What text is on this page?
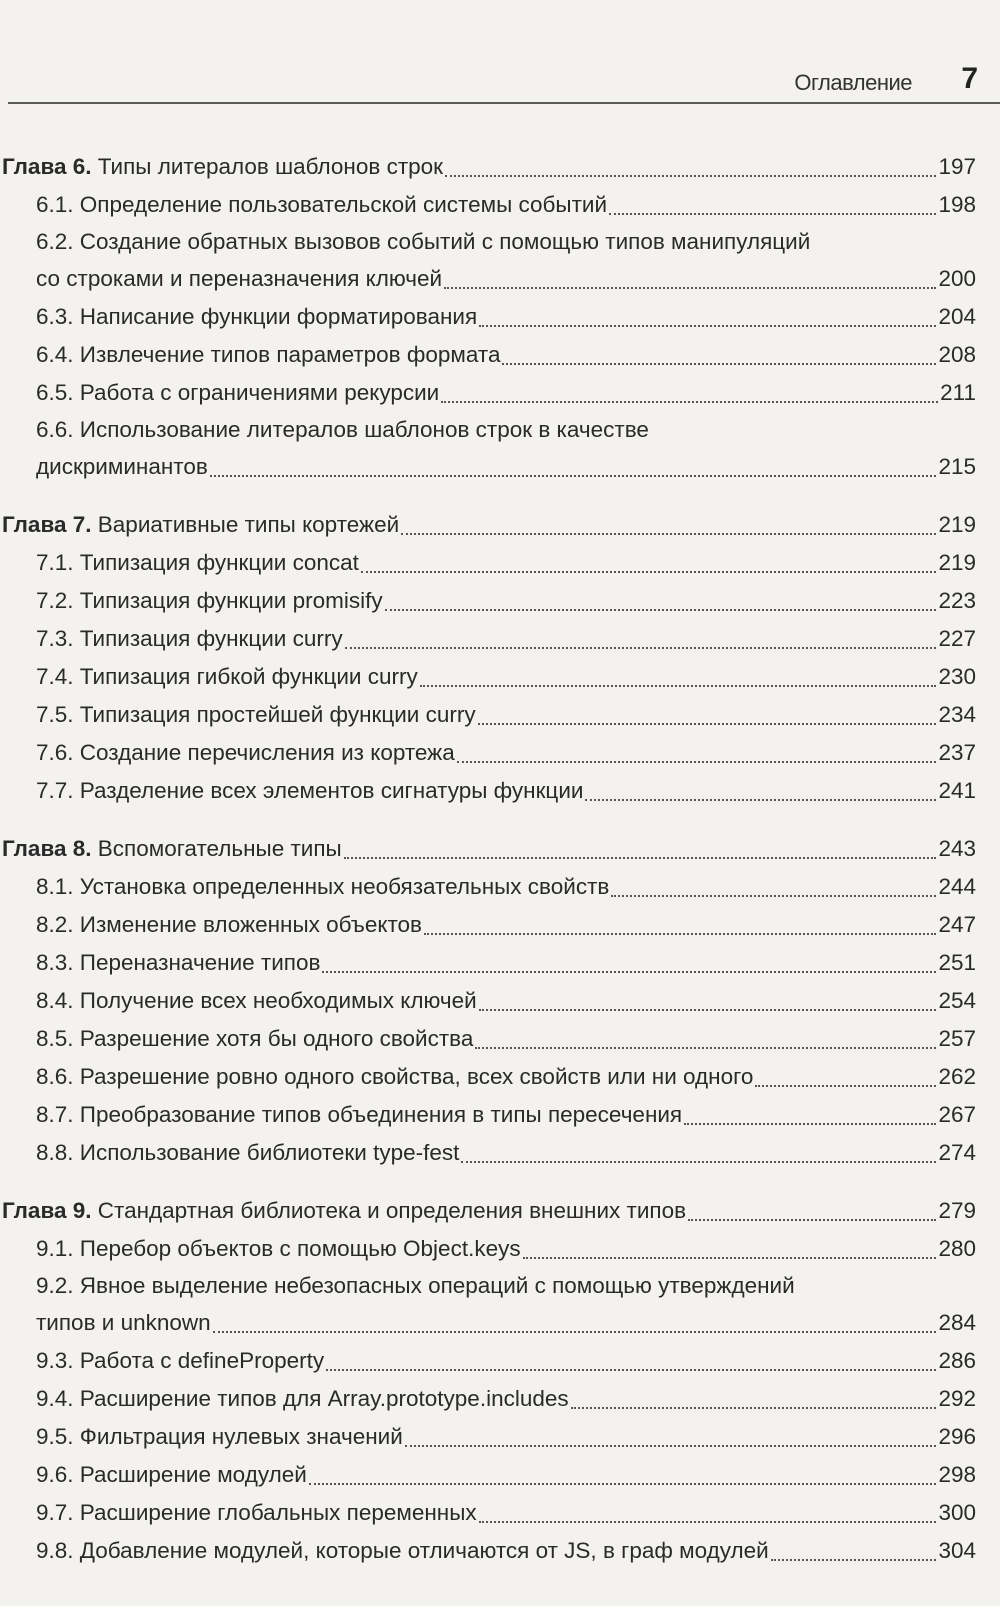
Оглавление 7
Глава 6. Типы литералов шаблонов строк	197
6.1. Определение пользовательской системы событий	198
6.2. Создание обратных вызовов событий с помощью типов манипуляций
со строками и переназначения ключей	200
6.3. Написание функции форматирования	204
6.4. Извлечение типов параметров формата	208
6.5. Работа с ограничениями рекурсии	211
6.6. Использование литералов шаблонов строк в качестве
дискриминантов	215
Глава 7. Вариативные типы кортежей	219
7.1. Типизация функции concat	219
7.2. Типизация функции promisify	223
7.3. Типизация функции curry	227
7.4. Типизация гибкой функции curry	230
7.5. Типизация простейшей функции curry	234
7.6. Создание перечисления из кортежа	237
7.7. Разделение всех элементов сигнатуры функции	241
Глава 8. Вспомогательные типы	243
8.1. Установка определенных необязательных свойств	244
8.2. Изменение вложенных объектов	247
8.3. Переназначение типов	251
8.4. Получение всех необходимых ключей	254
8.5. Разрешение хотя бы одного свойства	257
8.6. Разрешение ровно одного свойства, всех свойств или ни одного	262
8.7. Преобразование типов объединения в типы пересечения	267
8.8. Использование библиотеки type-fest	274
Глава 9. Стандартная библиотека и определения внешних типов	279
9.1. Перебор объектов с помощью Object.keys	280
9.2. Явное выделение небезопасных операций с помощью утверждений
типов и unknown	284
9.3. Работа с defineProperty	286
9.4. Расширение типов для Array.prototype.includes	292
9.5. Фильтрация нулевых значений	296
9.6. Расширение модулей	298
9.7. Расширение глобальных переменных	300
9.8. Добавление модулей, которые отличаются от JS, в граф модулей	304
